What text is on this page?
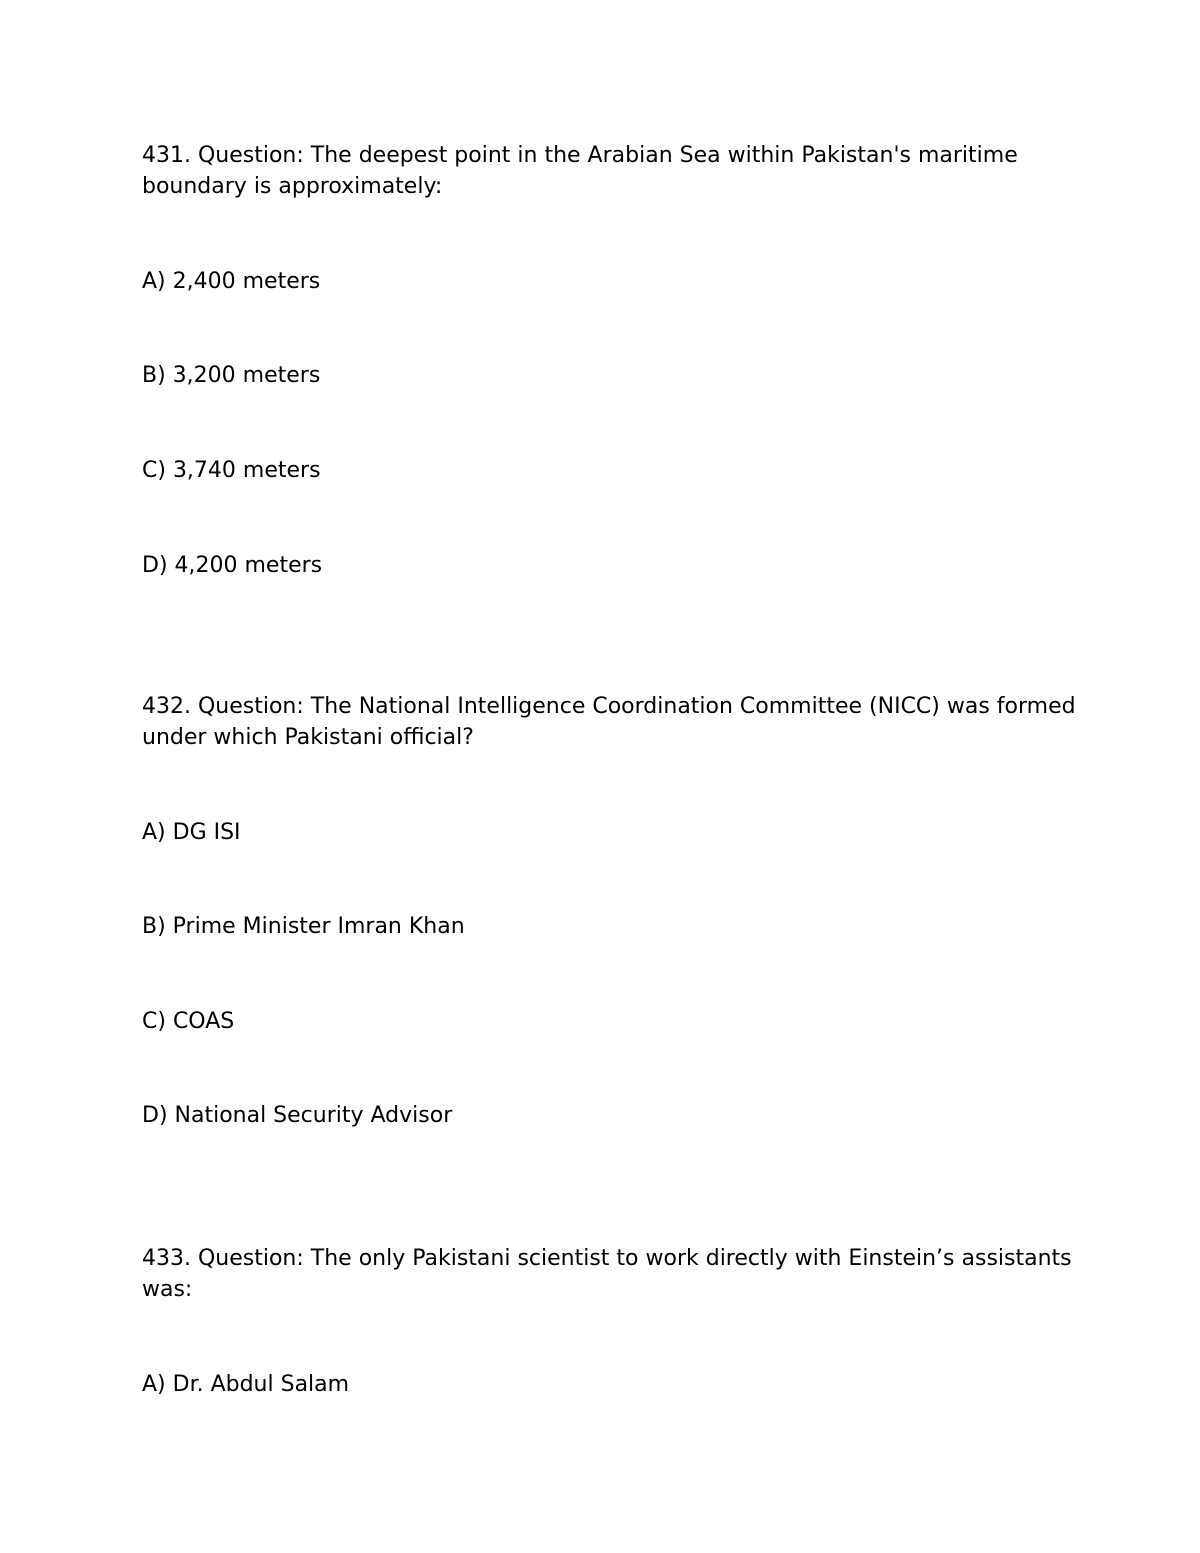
431. Question: The deepest point in the Arabian Sea within Pakistan's maritime boundary is approximately:

A) 2,400 meters

B) 3,200 meters

C) 3,740 meters

D) 4,200 meters

432. Question: The National Intelligence Coordination Committee (NICC) was formed under which Pakistani official?

A) DG ISI

B) Prime Minister Imran Khan

C) COAS

D) National Security Advisor

433. Question: The only Pakistani scientist to work directly with Einstein’s assistants was:

A) Dr. Abdul Salam
